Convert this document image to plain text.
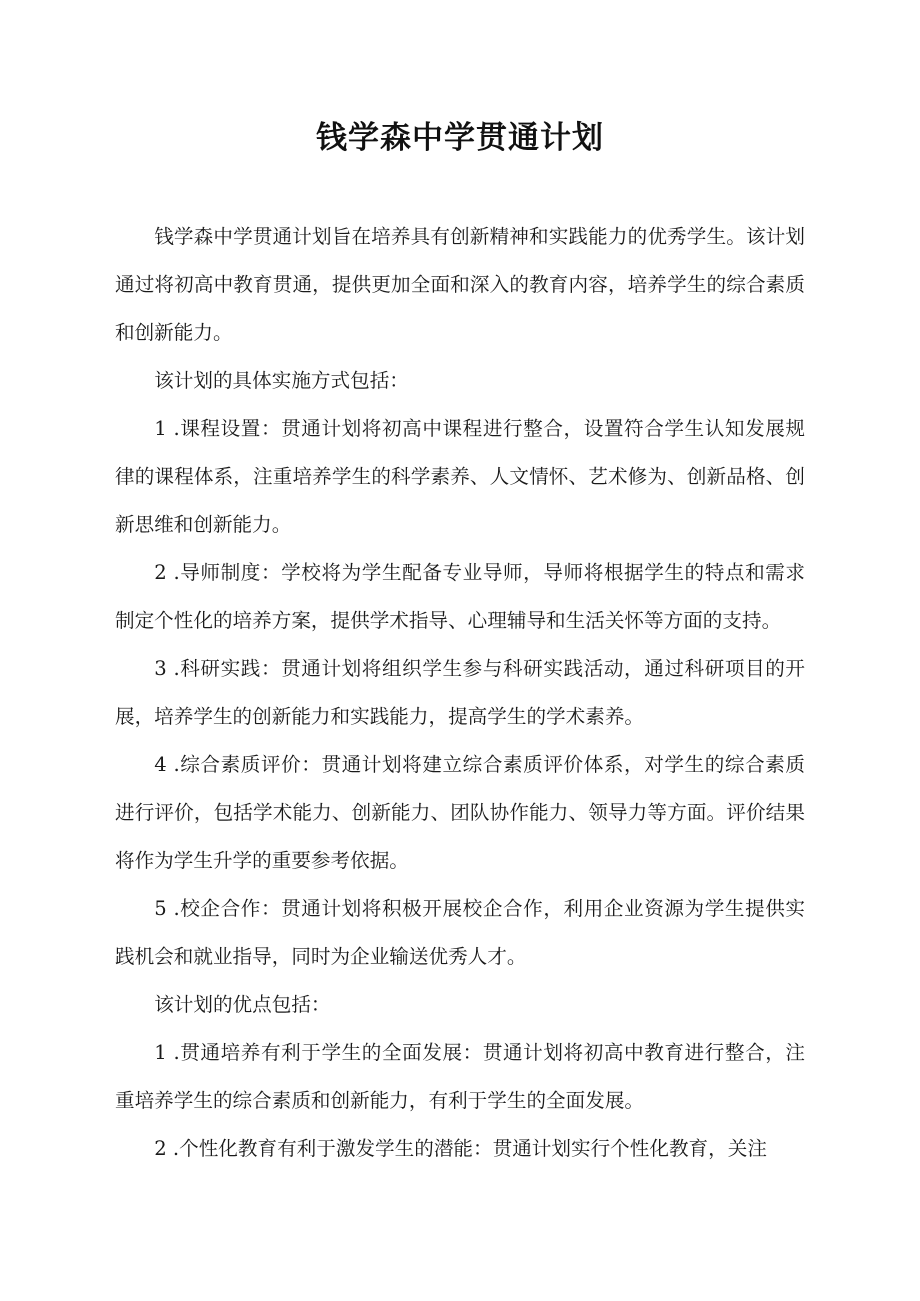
钱学森中学贯通计划

钱学森中学贯通计划旨在培养具有创新精神和实践能力的优秀学生。该计划通过将初高中教育贯通，提供更加全面和深入的教育内容，培养学生的综合素质和创新能力。

该计划的具体实施方式包括：

1 .课程设置：贯通计划将初高中课程进行整合，设置符合学生认知发展规律的课程体系，注重培养学生的科学素养、人文情怀、艺术修为、创新品格、创新思维和创新能力。

2 .导师制度：学校将为学生配备专业导师，导师将根据学生的特点和需求制定个性化的培养方案，提供学术指导、心理辅导和生活关怀等方面的支持。

3 .科研实践：贯通计划将组织学生参与科研实践活动，通过科研项目的开展，培养学生的创新能力和实践能力，提高学生的学术素养。

4 .综合素质评价：贯通计划将建立综合素质评价体系，对学生的综合素质进行评价，包括学术能力、创新能力、团队协作能力、领导力等方面。评价结果将作为学生升学的重要参考依据。

5 .校企合作：贯通计划将积极开展校企合作，利用企业资源为学生提供实践机会和就业指导，同时为企业输送优秀人才。

该计划的优点包括：

1 .贯通培养有利于学生的全面发展：贯通计划将初高中教育进行整合，注重培养学生的综合素质和创新能力，有利于学生的全面发展。

2 .个性化教育有利于激发学生的潜能：贯通计划实行个性化教育，关注
